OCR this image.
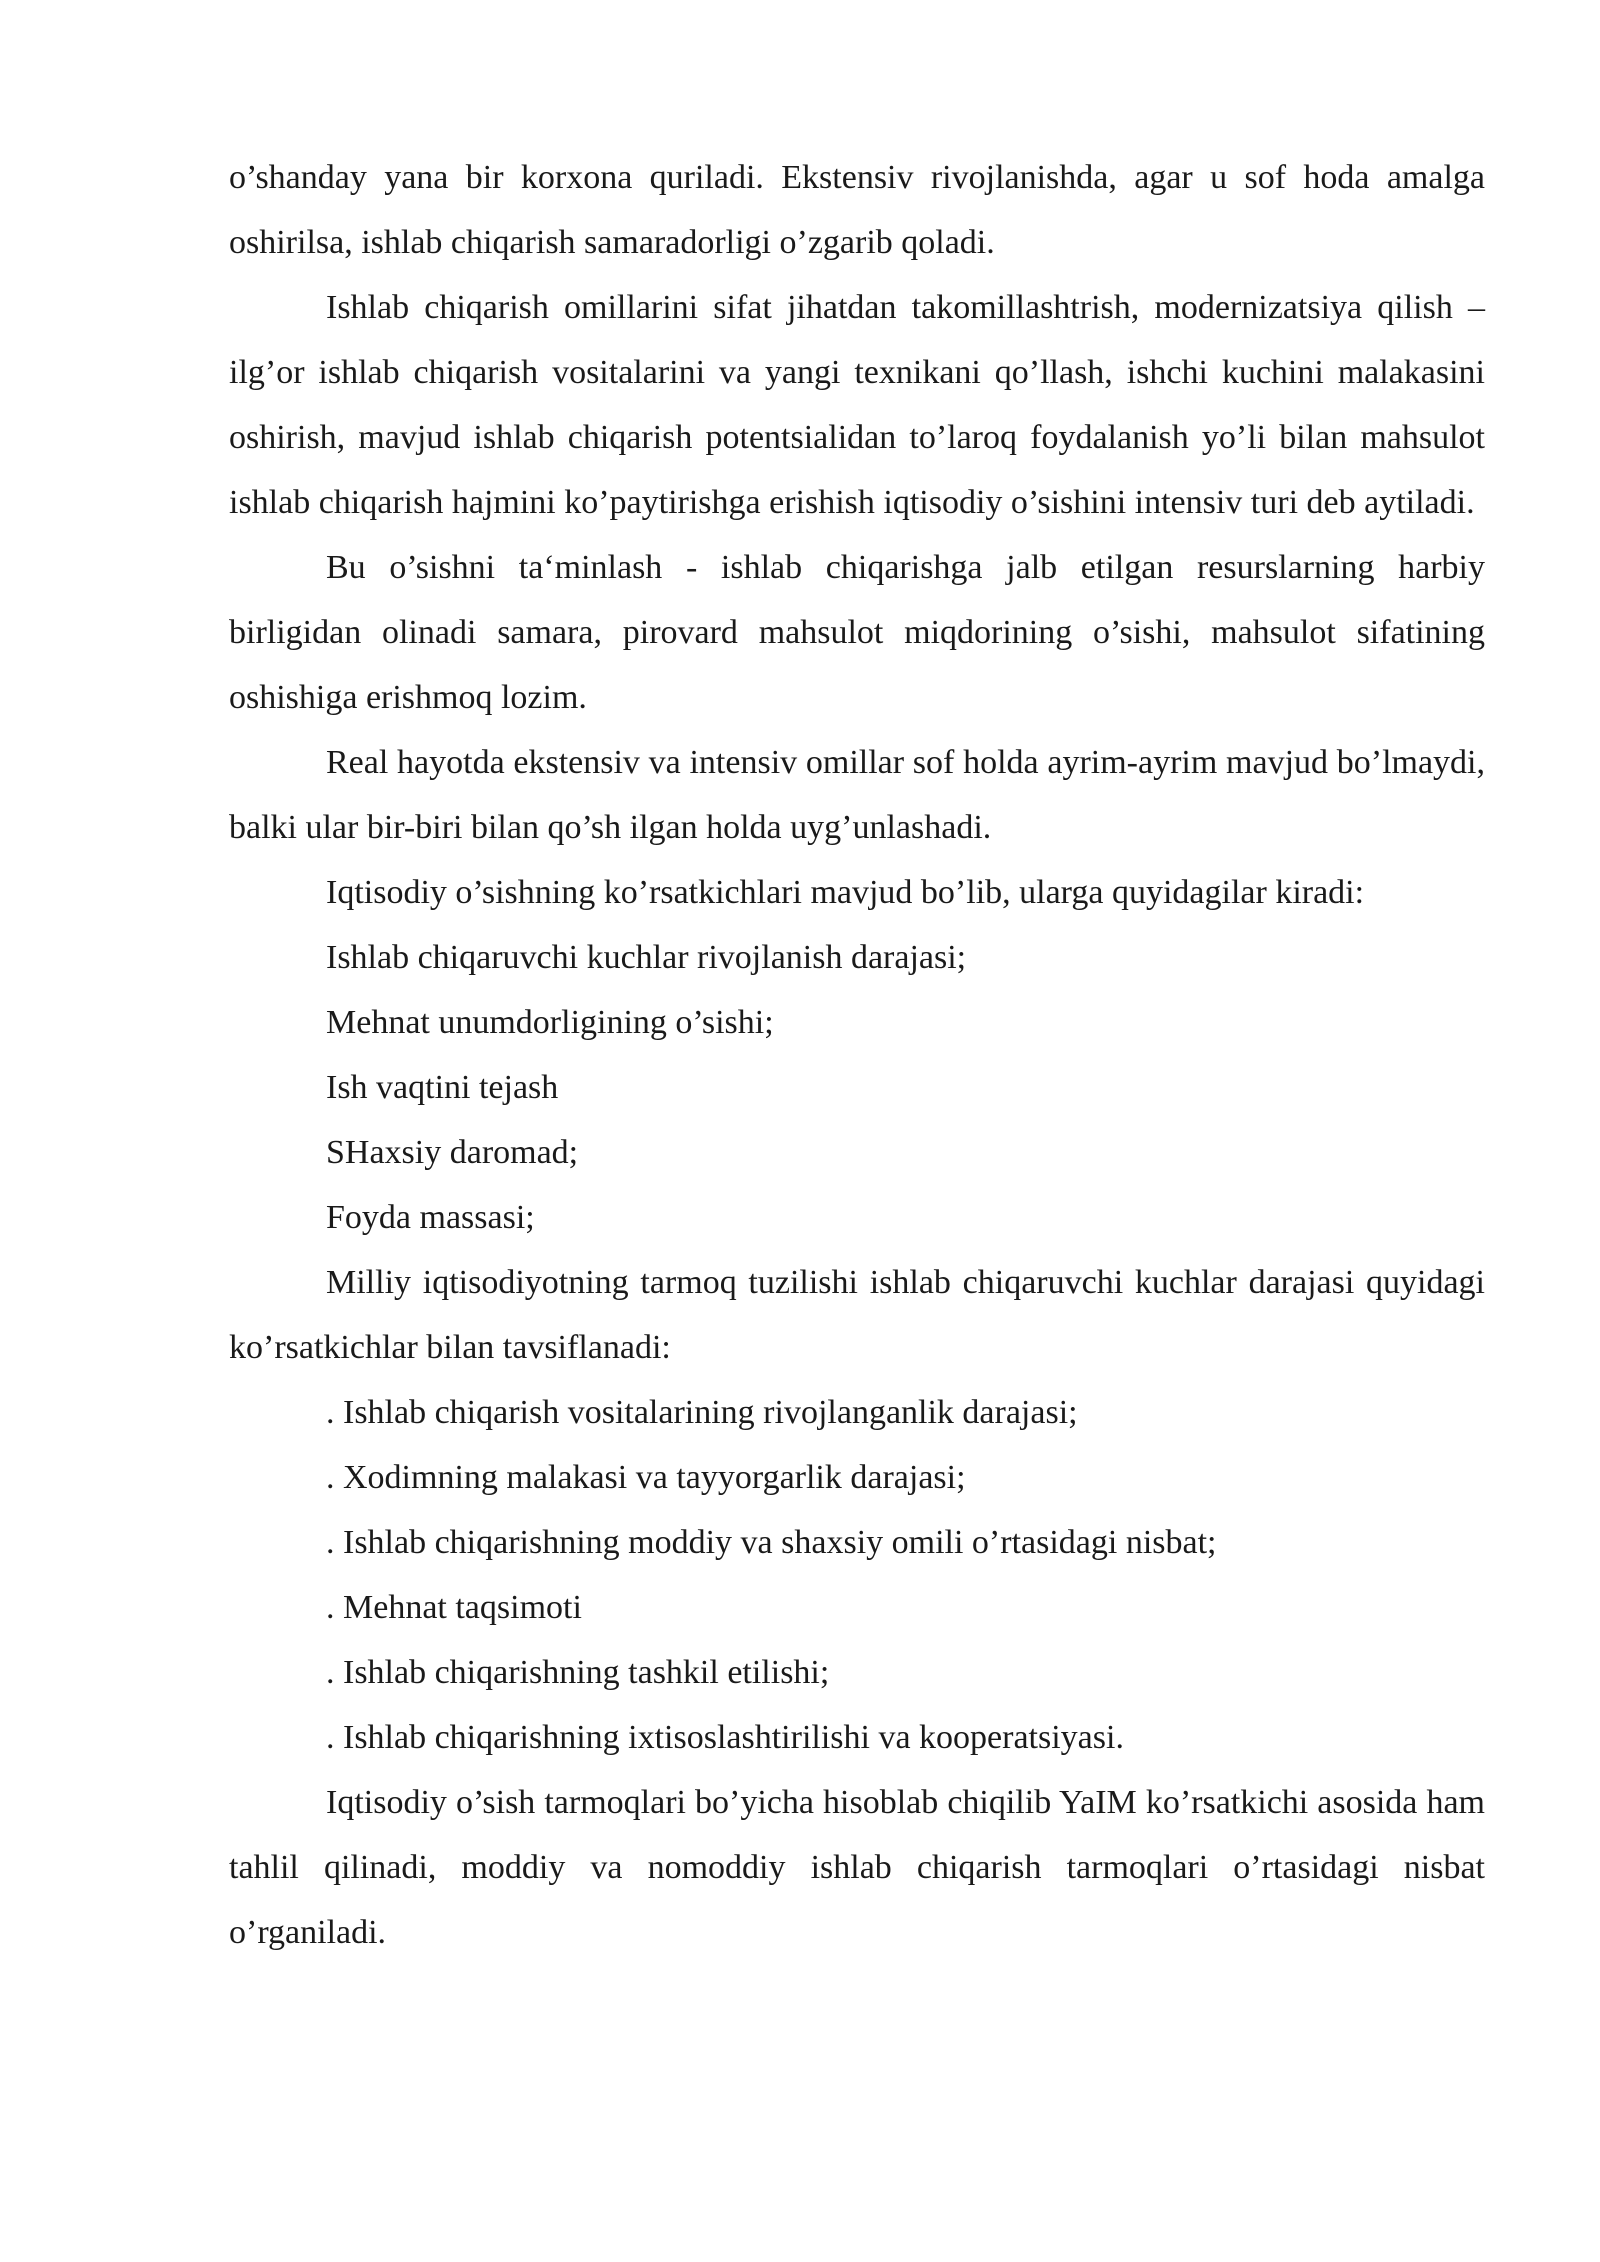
o’shanday yana bir korxona quriladi. Ekstensiv rivojlanishda, agar u sof hoda amalga oshirilsa, ishlab chiqarish samaradorligi o’zgarib qoladi.

Ishlab chiqarish omillarini sifat jihatdan takomillashtrish, modernizatsiya qilish – ilg’or ishlab chiqarish vositalarini va yangi texnikani qo’llash, ishchi kuchini malakasini oshirish, mavjud ishlab chiqarish potentsialidan to’laroq foydalanish yo’li bilan mahsulot ishlab chiqarish hajmini ko’paytirishga erishish iqtisodiy o’sishini intensiv turi deb aytiladi.

Bu o’sishni ta‘minlash - ishlab chiqarishga jalb etilgan resurslarning harbiy birligidan olinadi samara, pirovard mahsulot miqdorining o’sishi, mahsulot sifatining oshishiga erishmoq lozim.

Real hayotda ekstensiv va intensiv omillar sof holda ayrim-ayrim mavjud bo’lmaydi, balki ular bir-biri bilan qo’sh ilgan holda uyg’unlashadi.

Iqtisodiy o’sishning ko’rsatkichlari mavjud bo’lib, ularga quyidagilar kiradi:

Ishlab chiqaruvchi kuchlar rivojlanish darajasi;

Mehnat unumdorligining o’sishi;

Ish vaqtini tejash

SHaxsiy daromad;

Foyda massasi;

Milliy iqtisodiyotning tarmoq tuzilishi ishlab chiqaruvchi kuchlar darajasi quyidagi ko’rsatkichlar bilan tavsiflanadi:

. Ishlab chiqarish vositalarining rivojlanganlik darajasi;

. Xodimning malakasi va tayyorgarlik darajasi;

. Ishlab chiqarishning moddiy va shaxsiy omili o’rtasidagi nisbat;

. Mehnat taqsimoti

. Ishlab chiqarishning tashkil etilishi;

. Ishlab chiqarishning ixtisoslashtirilishi va kooperatsiyasi.

Iqtisodiy o’sish tarmoqlari bo’yicha hisoblab chiqilib YaIM ko’rsatkichi asosida ham tahlil qilinadi, moddiy va nomoddiy ishlab chiqarish tarmoqlari o’rtasidagi nisbat o’rganiladi.
